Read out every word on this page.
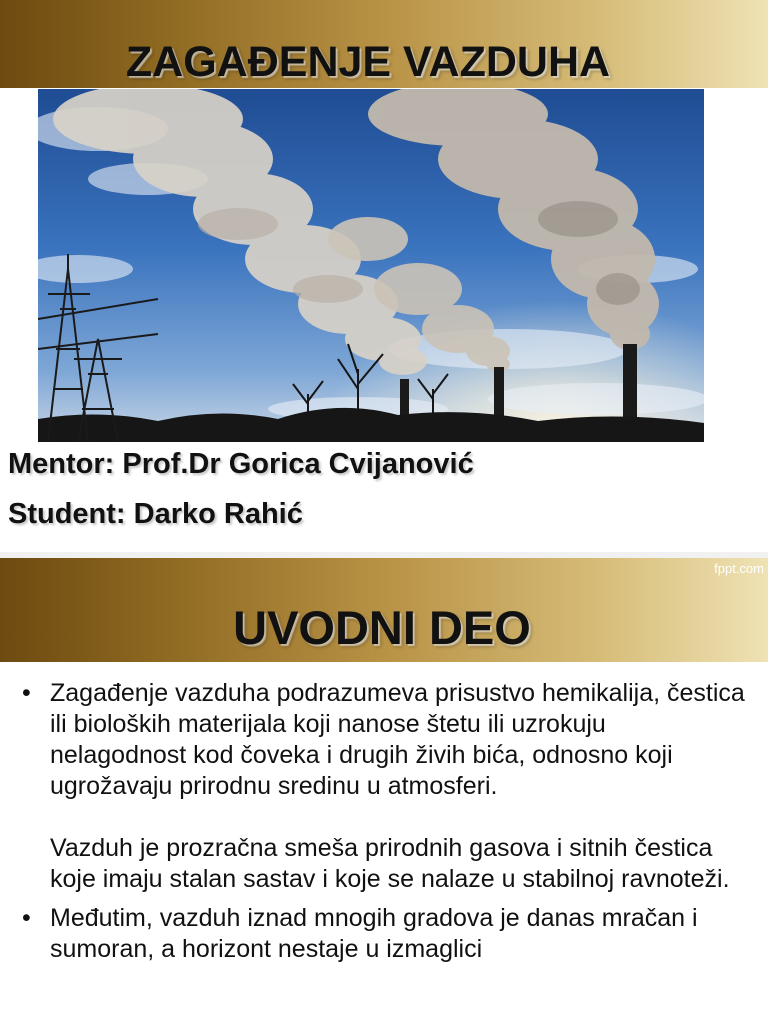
ZAGAĐENJE VAZDUHA
Mentor: Prof.Dr Gorica Cvijanović
Student: Darko Rahić
fppt.com
UVODNI DEO
• Zagađenje vazduha podrazumeva prisustvo hemikalija, čestica ili bioloških materijala koji nanose štetu ili uzrokuju nelagodnost kod čoveka i drugih živih bića, odnosno koji ugrožavaju prirodnu sredinu u atmosferi.
Vazduh je prozračna smeša prirodnih gasova i sitnih čestica koje imaju stalan sastav i koje se nalaze u stabilnoj ravnoteži.
• Međutim, vazduh iznad mnogih gradova je danas mračan i sumoran, a horizont nestaje u izmaglici
